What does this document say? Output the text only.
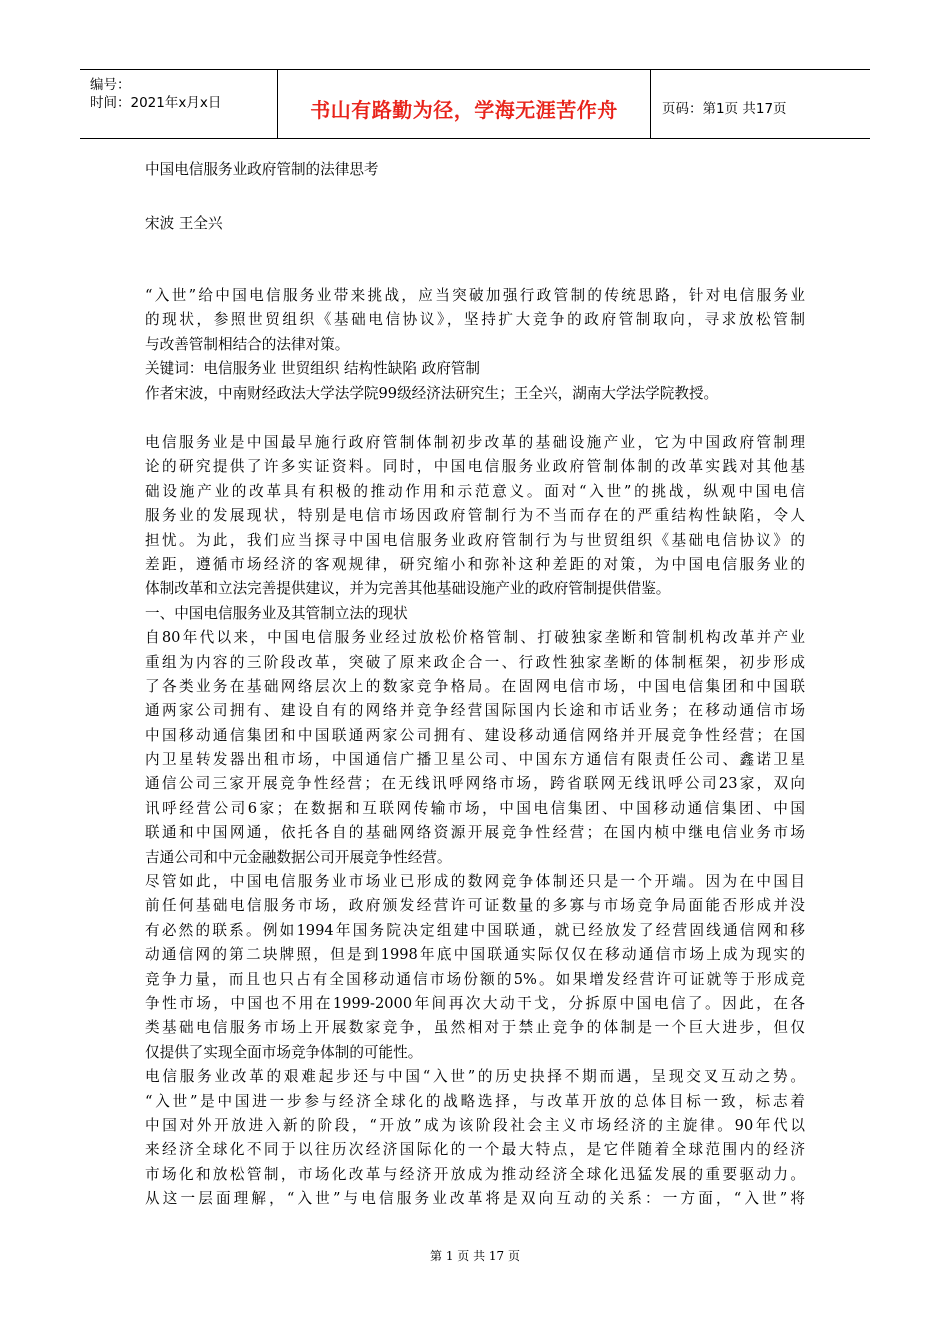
编号：
时间：2021年x月x日	书山有路勤为径，学海无涯苦作舟	页码：第1页 共17页
中国电信服务业政府管制的法律思考
宋波 王全兴
“入世”给中国电信服务业带来挑战，应当突破加强行政管制的传统思路，针对电信服务业
的现状，参照世贸组织《基础电信协议》，坚持扩大竞争的政府管制取向，寻求放松管制
与改善管制相结合的法律对策。
关键词：电信服务业 世贸组织 结构性缺陷 政府管制
作者宋波，中南财经政法大学法学院99级经济法研究生；王全兴，湖南大学法学院教授。
电信服务业是中国最早施行政府管制体制初步改革的基础设施产业，它为中国政府管制理
论的研究提供了许多实证资料。同时，中国电信服务业政府管制体制的改革实践对其他基
础设施产业的改革具有积极的推动作用和示范意义。面对“入世”的挑战，纵观中国电信
服务业的发展现状，特别是电信市场因政府管制行为不当而存在的严重结构性缺陷，令人
担忧。为此，我们应当探寻中国电信服务业政府管制行为与世贸组织《基础电信协议》的
差距，遵循市场经济的客观规律，研究缩小和弥补这种差距的对策，为中国电信服务业的
体制改革和立法完善提供建议，并为完善其他基础设施产业的政府管制提供借鉴。
一、中国电信服务业及其管制立法的现状
自80年代以来，中国电信服务业经过放松价格管制、打破独家垄断和管制机构改革并产业
重组为内容的三阶段改革，突破了原来政企合一、行政性独家垄断的体制框架，初步形成
了各类业务在基础网络层次上的数家竞争格局。在固网电信市场，中国电信集团和中国联
通两家公司拥有、建设自有的网络并竞争经营国际国内长途和市话业务；在移动通信市场
中国移动通信集团和中国联通两家公司拥有、建设移动通信网络并开展竞争性经营；在国
内卫星转发器出租市场，中国通信广播卫星公司、中国东方通信有限责任公司、鑫诺卫星
通信公司三家开展竞争性经营；在无线讯呼网络市场，跨省联网无线讯呼公司23家，双向
讯呼经营公司6家；在数据和互联网传输市场，中国电信集团、中国移动通信集团、中国
联通和中国网通，依托各自的基础网络资源开展竞争性经营；在国内桢中继电信业务市场
吉通公司和中元金融数据公司开展竞争性经营。
尽管如此，中国电信服务业市场业已形成的数网竞争体制还只是一个开端。因为在中国目
前任何基础电信服务市场，政府颁发经营许可证数量的多寡与市场竞争局面能否形成并没
有必然的联系。例如1994年国务院决定组建中国联通，就已经放发了经营固线通信网和移
动通信网的第二块牌照，但是到1998年底中国联通实际仅仅在移动通信市场上成为现实的
竞争力量，而且也只占有全国移动通信市场份额的5%。如果增发经营许可证就等于形成竞
争性市场，中国也不用在1999-2000年间再次大动干戈，分拆原中国电信了。因此，在各
类基础电信服务市场上开展数家竞争，虽然相对于禁止竞争的体制是一个巨大进步，但仅
仅提供了实现全面市场竞争体制的可能性。
电信服务业改革的艰难起步还与中国“入世”的历史抉择不期而遇，呈现交叉互动之势。
“入世”是中国进一步参与经济全球化的战略选择，与改革开放的总体目标一致，标志着
中国对外开放进入新的阶段，“开放”成为该阶段社会主义市场经济的主旋律。90年代以
来经济全球化不同于以往历次经济国际化的一个最大特点，是它伴随着全球范围内的经济
市场化和放松管制，市场化改革与经济开放成为推动经济全球化迅猛发展的重要驱动力。
从这一层面理解，“入世”与电信服务业改革将是双向互动的关系：一方面，“入世”将
第 1 页 共 17 页
